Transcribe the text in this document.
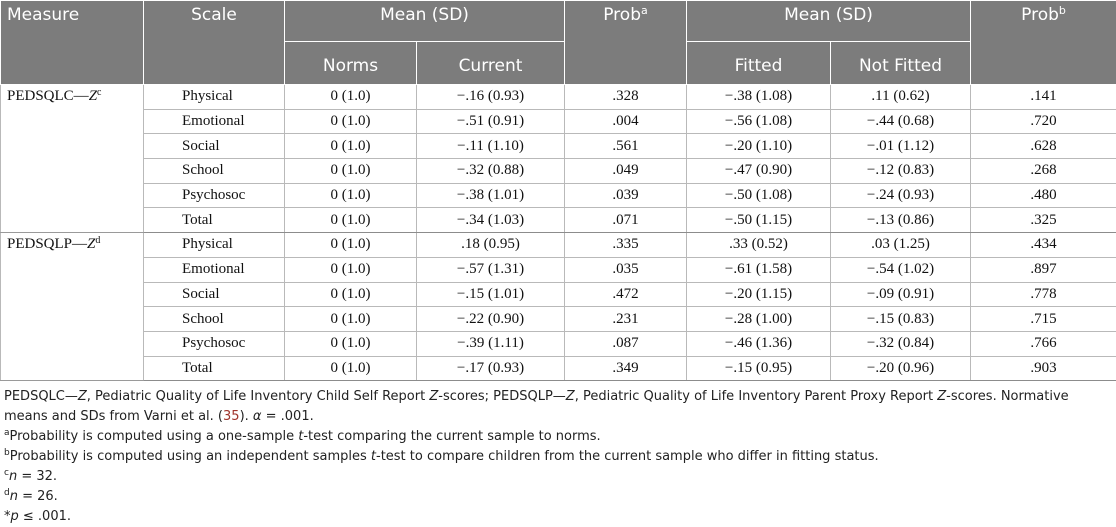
Measure	Scale	Mean (SD)		Prob$^a$	Mean (SD)		Prob$^b$
		Norms	Current		Fitted	Not Fitted	
$PEDSQLC—Z^c$	Physical	0 (1.0)	−.16 (0.93)	.328	−.38 (1.08)	.11 (0.62)	.141
	Emotional	0 (1.0)	−.51 (0.91)	.004	−.56 (1.08)	−.44 (0.68)	.720
	Social	0 (1.0)	−.11 (1.10)	.561	−.20 (1.10)	−.01 (1.12)	.628
	School	0 (1.0)	−.32 (0.88)	.049	−.47 (0.90)	−.12 (0.83)	.268
	Psychosoc	0 (1.0)	−.38 (1.01)	.039	−.50 (1.08)	−.24 (0.93)	.480
	Total	0 (1.0)	−.34 (1.03)	.071	−.50 (1.15)	−.13 (0.86)	.325
$PEDSQLP—Z^d$	Physical	0 (1.0)	.18 (0.95)	.335	.33 (0.52)	.03 (1.25)	.434
	Emotional	0 (1.0)	−.57 (1.31)	.035	−.61 (1.58)	−.54 (1.02)	.897
	Social	0 (1.0)	−.15 (1.01)	.472	−.20 (1.15)	−.09 (0.91)	.778
	School	0 (1.0)	−.22 (0.90)	.231	−.28 (1.00)	−.15 (0.83)	.715
	Psychosoc	0 (1.0)	−.39 (1.11)	.087	−.46 (1.36)	−.32 (0.84)	.766
	Total	0 (1.0)	−.17 (0.93)	.349	−.15 (0.95)	−.20 (0.96)	.903

PEDSQLC—Z, Pediatric Quality of Life Inventory Child Self Report Z-scores; PEDSQLP—Z, Pediatric Quality of Life Inventory Parent Proxy Report Z-scores. Normative means and SDs from Varni et al. (35). α = .001.

$^a$Probability is computed using a one-sample t-test comparing the current sample to norms.

$^b$Probability is computed using an independent samples t-test to compare children from the current sample who differ in fitting status.

$^c$n = 32.

$^d$n = 26.

*p ≤ .001.
